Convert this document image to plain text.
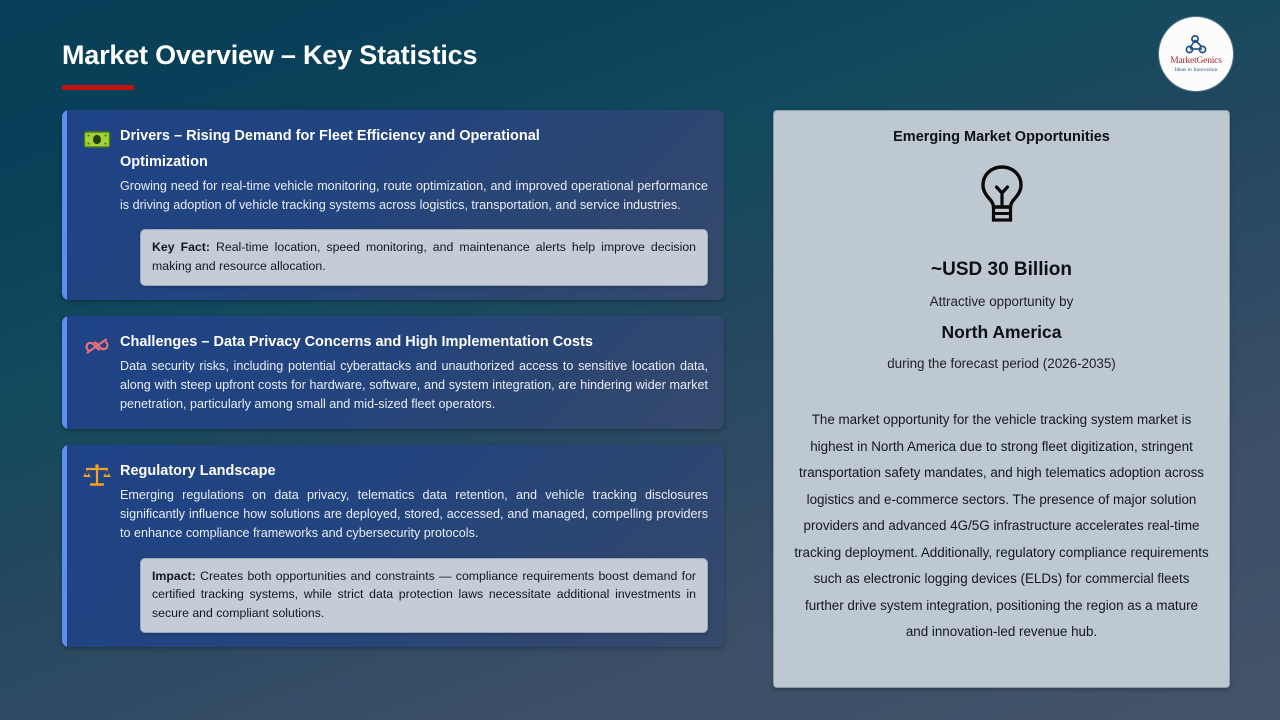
Market Overview – Key Statistics	MarketGenics
Ideas to Innovation
Drivers – Rising Demand for Fleet Efficiency and Operational Optimization
Growing need for real-time vehicle monitoring, route optimization, and improved operational performance is driving adoption of vehicle tracking systems across logistics, transportation, and service industries.
Key Fact: Real-time location, speed monitoring, and maintenance alerts help improve decision making and resource allocation.
Challenges – Data Privacy Concerns and High Implementation Costs
Data security risks, including potential cyberattacks and unauthorized access to sensitive location data, along with steep upfront costs for hardware, software, and system integration, are hindering wider market penetration, particularly among small and mid-sized fleet operators.
Regulatory Landscape
Emerging regulations on data privacy, telematics data retention, and vehicle tracking disclosures significantly influence how solutions are deployed, stored, accessed, and managed, compelling providers to enhance compliance frameworks and cybersecurity protocols.
Impact: Creates both opportunities and constraints — compliance requirements boost demand for certified tracking systems, while strict data protection laws necessitate additional investments in secure and compliant solutions.
Emerging Market Opportunities
~USD 30 Billion
Attractive opportunity by
North America
during the forecast period (2026-2035)
The market opportunity for the vehicle tracking system market is highest in North America due to strong fleet digitization, stringent transportation safety mandates, and high telematics adoption across logistics and e-commerce sectors. The presence of major solution providers and advanced 4G/5G infrastructure accelerates real-time tracking deployment. Additionally, regulatory compliance requirements such as electronic logging devices (ELDs) for commercial fleets further drive system integration, positioning the region as a mature and innovation-led revenue hub.
